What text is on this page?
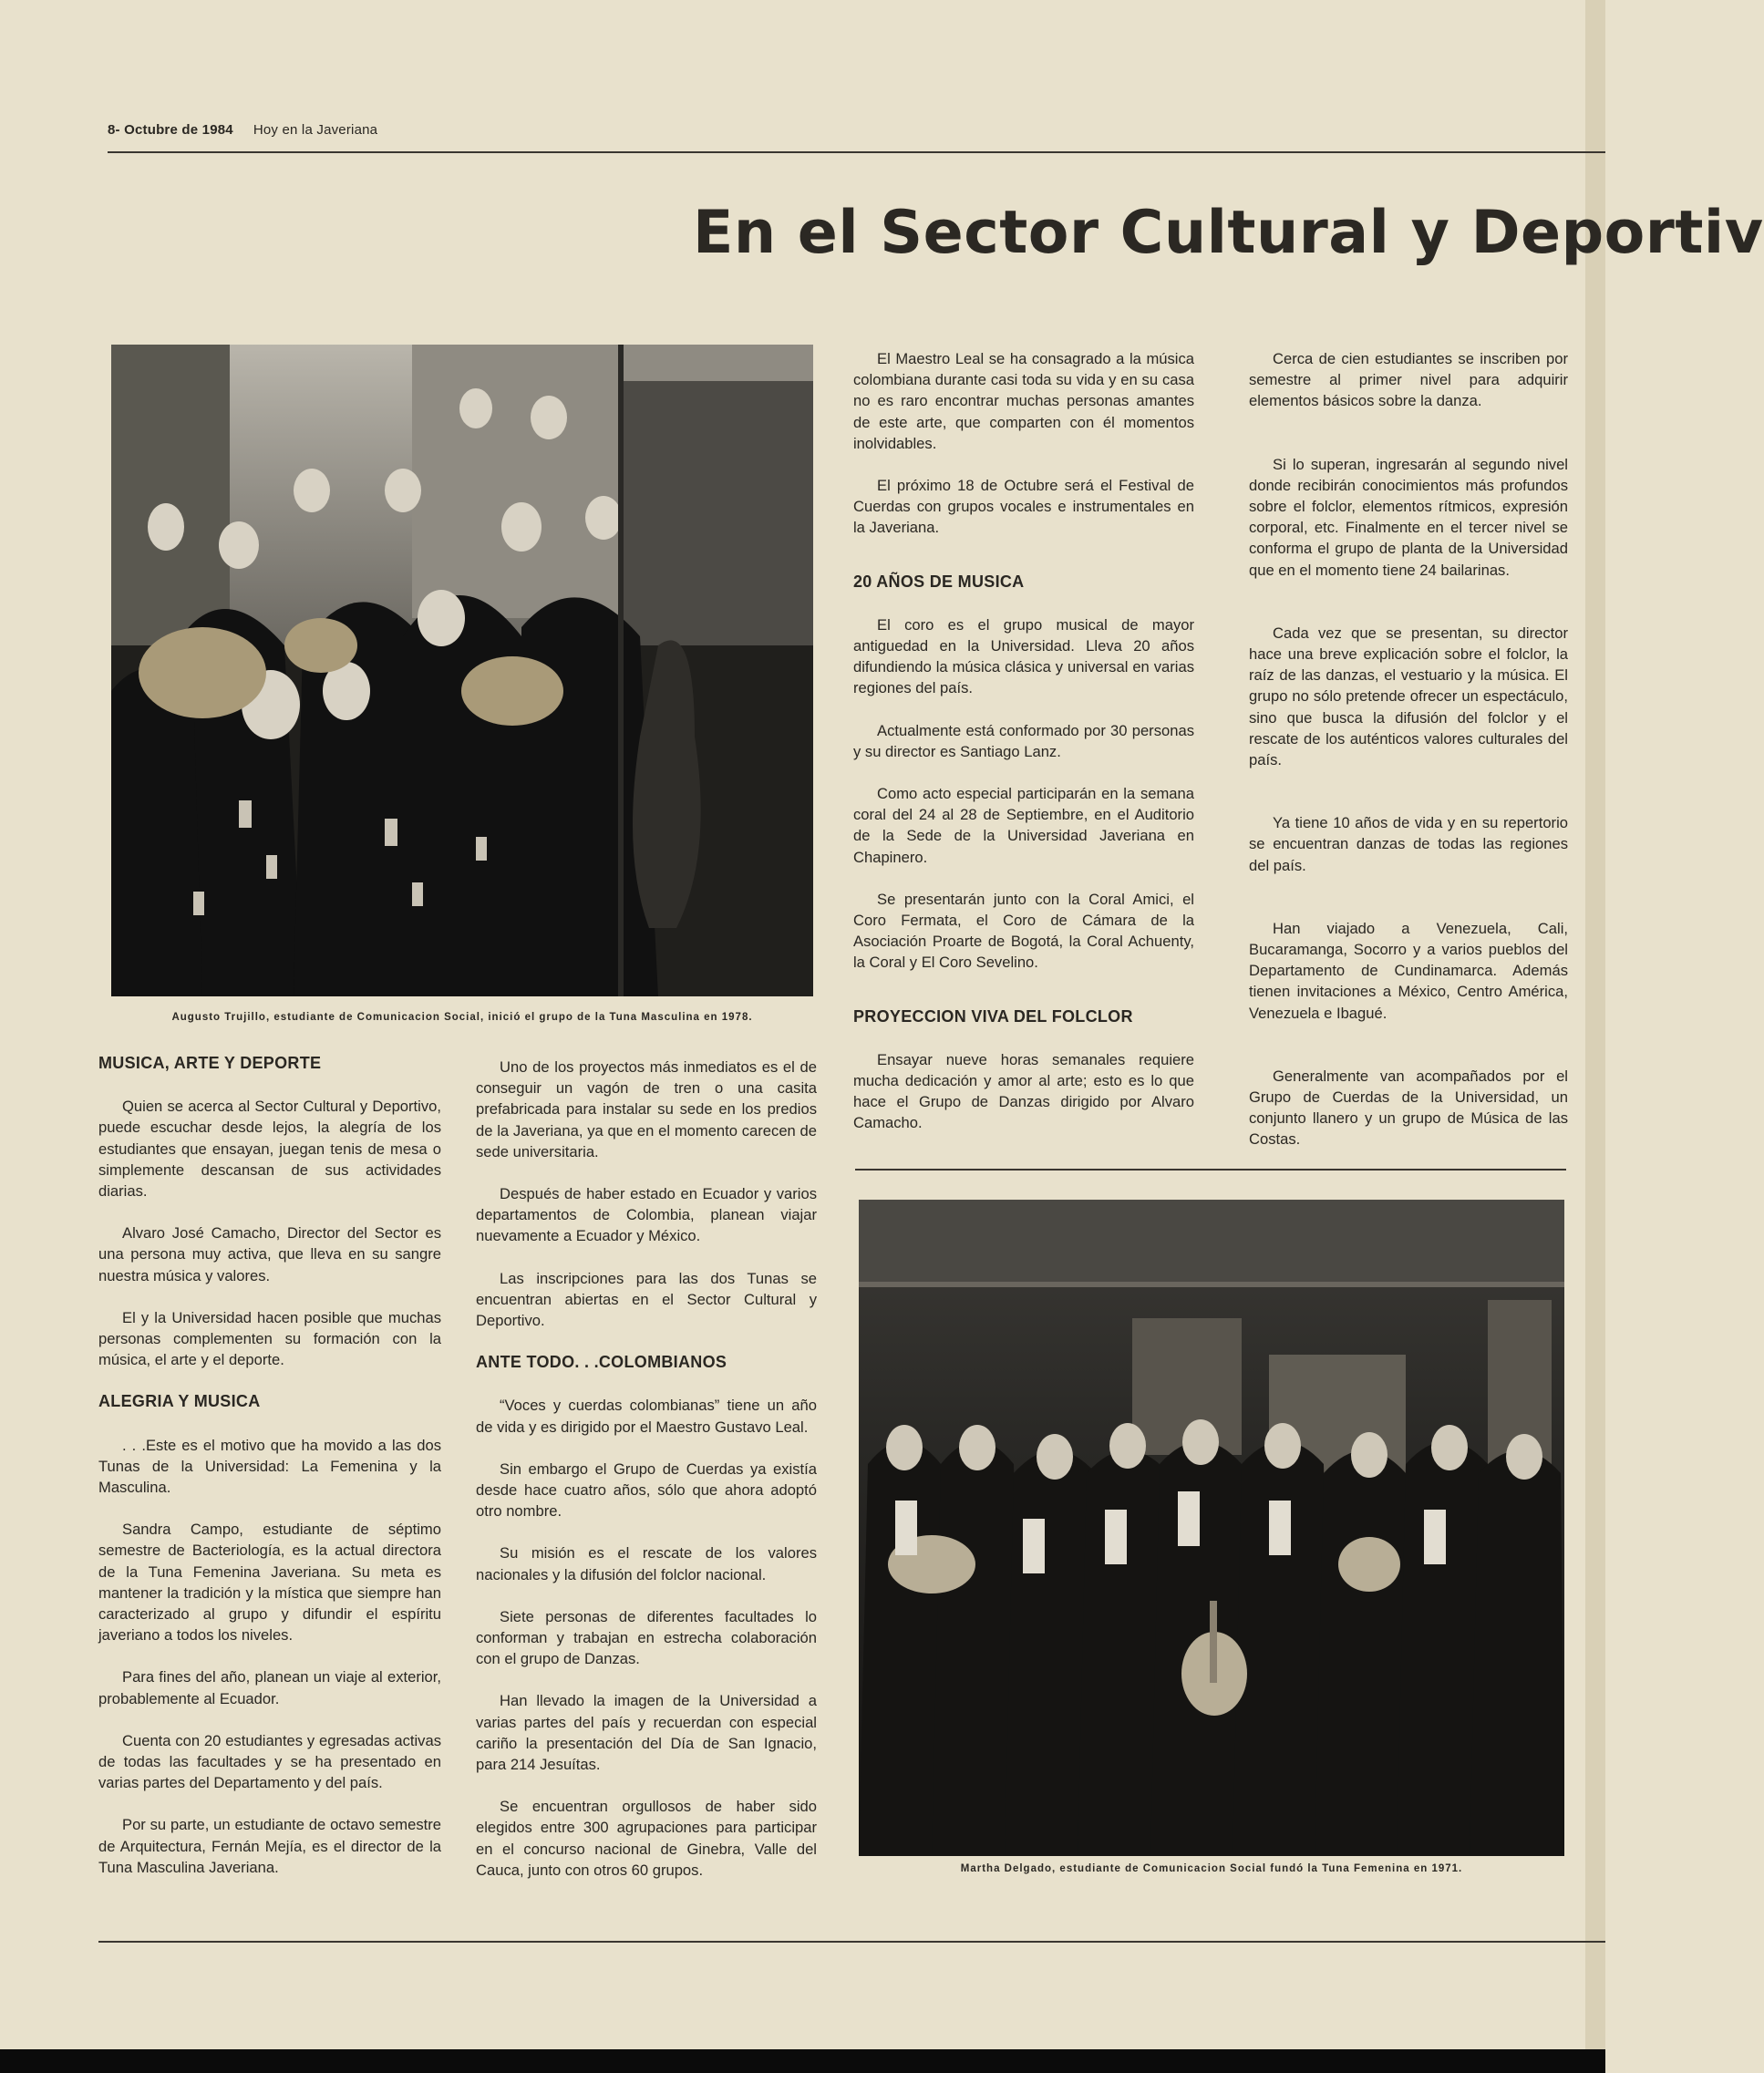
8- Octubre de 1984 Hoy en la Javeriana
En el Sector Cultural y Deportiv
Augusto Trujillo, estudiante de Comunicacion Social, inició el grupo de la Tuna Masculina en 1978.
MUSICA, ARTE Y DEPORTE

Quien se acerca al Sector Cultural y Deportivo, puede escuchar desde lejos, la alegría de los estudiantes que ensayan, juegan tenis de mesa o simplemente descansan de sus actividades diarias.

Alvaro José Camacho, Director del Sector es una persona muy activa, que lleva en su sangre nuestra música y valores.

El y la Universidad hacen posible que muchas personas complementen su formación con la música, el arte y el deporte.

ALEGRIA Y MUSICA

. . .Este es el motivo que ha movido a las dos Tunas de la Universidad: La Femenina y la Masculina.

Sandra Campo, estudiante de séptimo semestre de Bacteriología, es la actual directora de la Tuna Femenina Javeriana. Su meta es mantener la tradición y la mística que siempre han caracterizado al grupo y difundir el espíritu javeriano a todos los niveles.

Para fines del año, planean un viaje al exterior, probablemente al Ecuador.

Cuenta con 20 estudiantes y egresadas activas de todas las facultades y se ha presentado en varias partes del Departamento y del país.

Por su parte, un estudiante de octavo semestre de Arquitectura, Fernán Mejía, es el director de la Tuna Masculina Javeriana.

Uno de los proyectos más inmediatos es el de conseguir un vagón de tren o una casita prefabricada para instalar su sede en los predios de la Javeriana, ya que en el momento carecen de sede universitaria.

Después de haber estado en Ecuador y varios departamentos de Colombia, planean viajar nuevamente a Ecuador y México.

Las inscripciones para las dos Tunas se encuentran abiertas en el Sector Cultural y Deportivo.

ANTE TODO. . .COLOMBIANOS

“Voces y cuerdas colombianas” tiene un año de vida y es dirigido por el Maestro Gustavo Leal.

Sin embargo el Grupo de Cuerdas ya existía desde hace cuatro años, sólo que ahora adoptó otro nombre.

Su misión es el rescate de los valores nacionales y la difusión del folclor nacional.

Siete personas de diferentes facultades lo conforman y trabajan en estrecha colaboración con el grupo de Danzas.

Han llevado la imagen de la Universidad a varias partes del país y recuerdan con especial cariño la presentación del Día de San Ignacio, para 214 Jesuítas.

Se encuentran orgullosos de haber sido elegidos entre 300 agrupaciones para participar en el concurso nacional de Ginebra, Valle del Cauca, junto con otros 60 grupos.

El Maestro Leal se ha consagrado a la música colombiana durante casi toda su vida y en su casa no es raro encontrar muchas personas amantes de este arte, que comparten con él momentos inolvidables.

El próximo 18 de Octubre será el Festival de Cuerdas con grupos vocales e instrumentales en la Javeriana.

20 AÑOS DE MUSICA

El coro es el grupo musical de mayor antiguedad en la Universidad. Lleva 20 años difundiendo la música clásica y universal en varias regiones del país.

Actualmente está conformado por 30 personas y su director es Santiago Lanz.

Como acto especial participarán en la semana coral del 24 al 28 de Septiembre, en el Auditorio de la Sede de la Universidad Javeriana en Chapinero.

Se presentarán junto con la Coral Amici, el Coro Fermata, el Coro de Cámara de la Asociación Proarte de Bogotá, la Coral Achuenty, la Coral y El Coro Sevelino.

PROYECCION VIVA DEL FOLCLOR

Ensayar nueve horas semanales requiere mucha dedicación y amor al arte; esto es lo que hace el Grupo de Danzas dirigido por Alvaro Camacho.

Cerca de cien estudiantes se inscriben por semestre al primer nivel para adquirir elementos básicos sobre la danza.

Si lo superan, ingresarán al segundo nivel donde recibirán conocimientos más profundos sobre el folclor, elementos rítmicos, expresión corporal, etc. Finalmente en el tercer nivel se conforma el grupo de planta de la Universidad que en el momento tiene 24 bailarinas.

Cada vez que se presentan, su director hace una breve explicación sobre el folclor, la raíz de las danzas, el vestuario y la música. El grupo no sólo pretende ofrecer un espectáculo, sino que busca la difusión del folclor y el rescate de los auténticos valores culturales del país.

Ya tiene 10 años de vida y en su repertorio se encuentran danzas de todas las regiones del país.

Han viajado a Venezuela, Cali, Bucaramanga, Socorro y a varios pueblos del Departamento de Cundinamarca. Además tienen invitaciones a México, Centro América, Venezuela e Ibagué.

Generalmente van acompañados por el Grupo de Cuerdas de la Universidad, un conjunto llanero y un grupo de Música de las Costas.

Martha Delgado, estudiante de Comunicacion Social fundó la Tuna Femenina en 1971.
